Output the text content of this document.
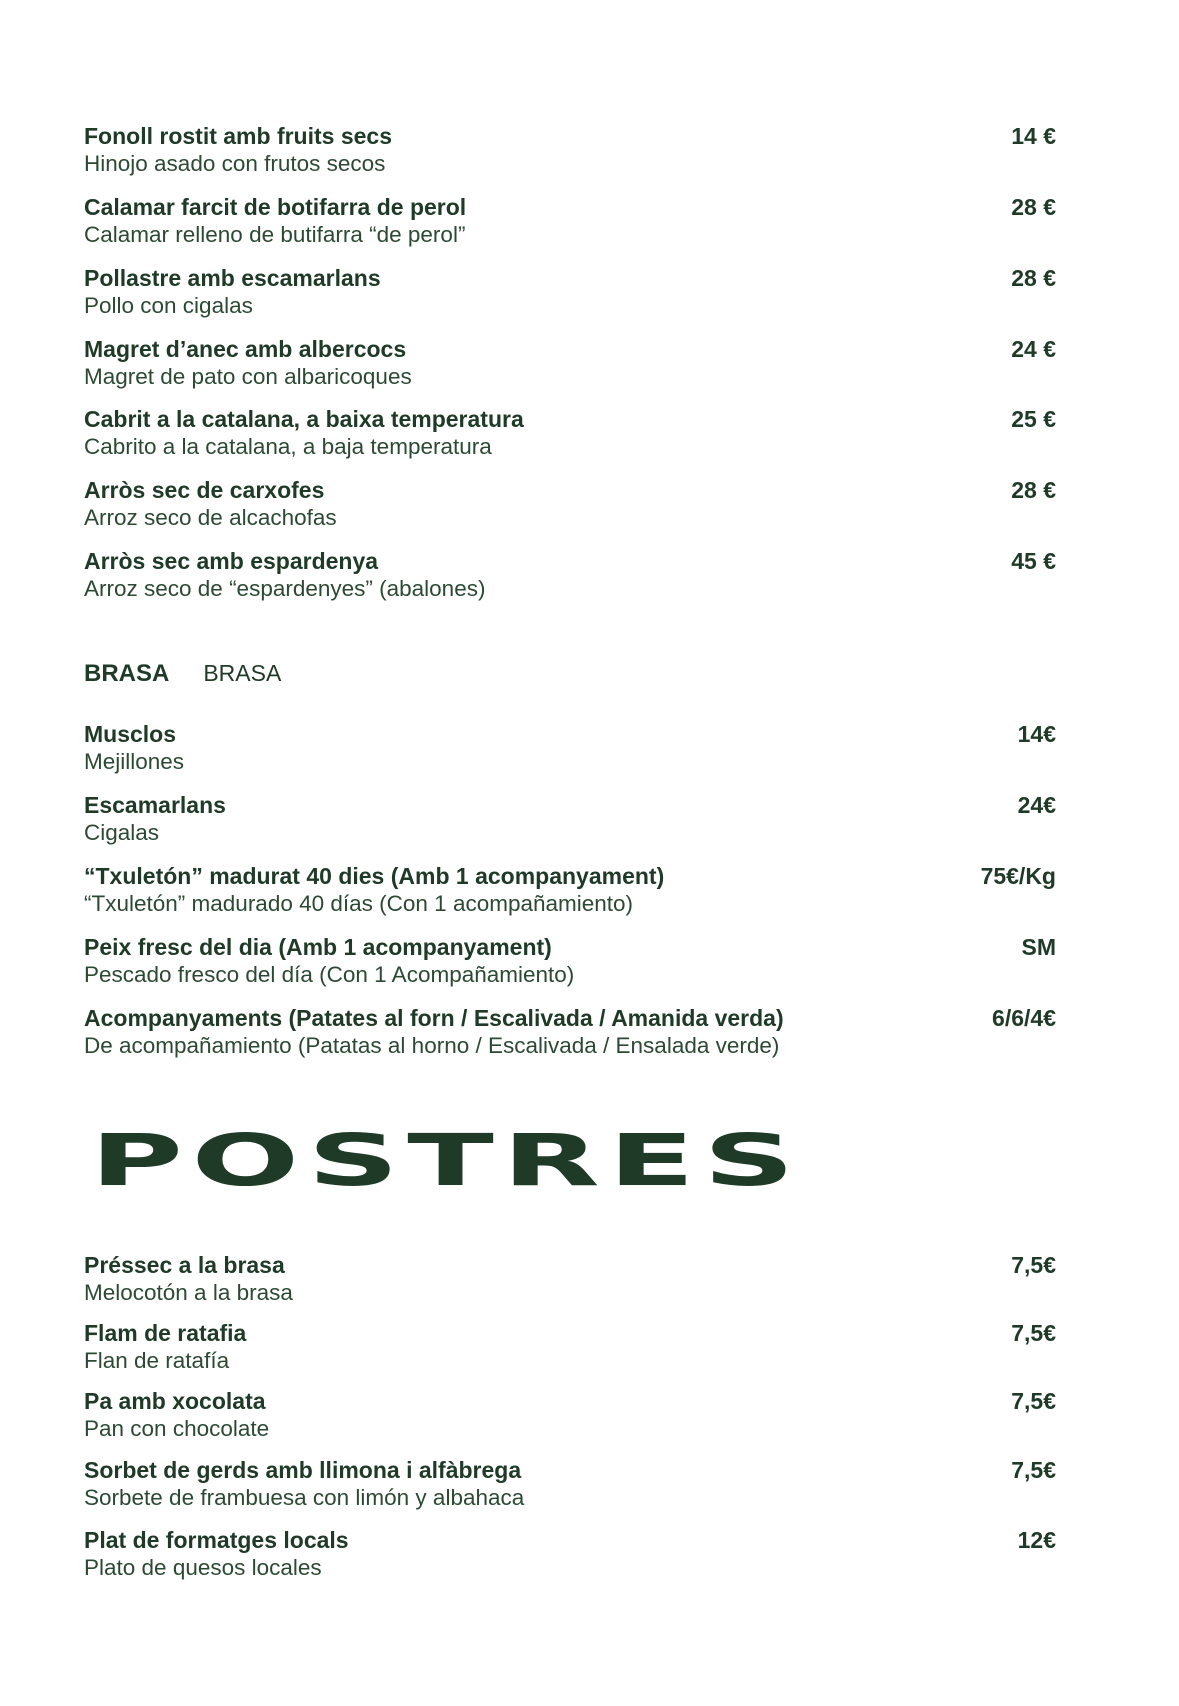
Fonoll rostit amb fruits secs
Hinojo asado con frutos secos
14 €
Calamar farcit de botifarra de perol
Calamar relleno de butifarra “de perol”
28 €
Pollastre amb escamarlans
Pollo con cigalas
28 €
Magret d’anec amb albercocs
Magret de pato con albaricoques
24 €
Cabrit a la catalana, a baixa temperatura
Cabrito a la catalana, a baja temperatura
25 €
Arròs sec de carxofes
Arroz seco de alcachofas
28 €
Arròs sec amb espardenya
Arroz seco de “espardenyes” (abalones)
45 €
BRASA BRASA
Musclos
Mejillones
14€
Escamarlans
Cigalas
24€
“Txuletón” madurat 40 dies (Amb 1 acompanyament)
“Txuletón” madurado 40 días (Con 1 acompañamiento)
75€/Kg
Peix fresc del dia (Amb 1 acompanyament)
Pescado fresco del día (Con 1 Acompañamiento)
SM
Acompanyaments (Patates al forn / Escalivada / Amanida verda)
De acompañamiento (Patatas al horno / Escalivada / Ensalada verde)
6/6/4€
POSTRES
Préssec a la brasa
Melocotón a la brasa
7,5€
Flam de ratafia
Flan de ratafía
7,5€
Pa amb xocolata
Pan con chocolate
7,5€
Sorbet de gerds amb llimona i alfàbrega
Sorbete de frambuesa con limón y albahaca
7,5€
Plat de formatges locals
Plato de quesos locales
12€
